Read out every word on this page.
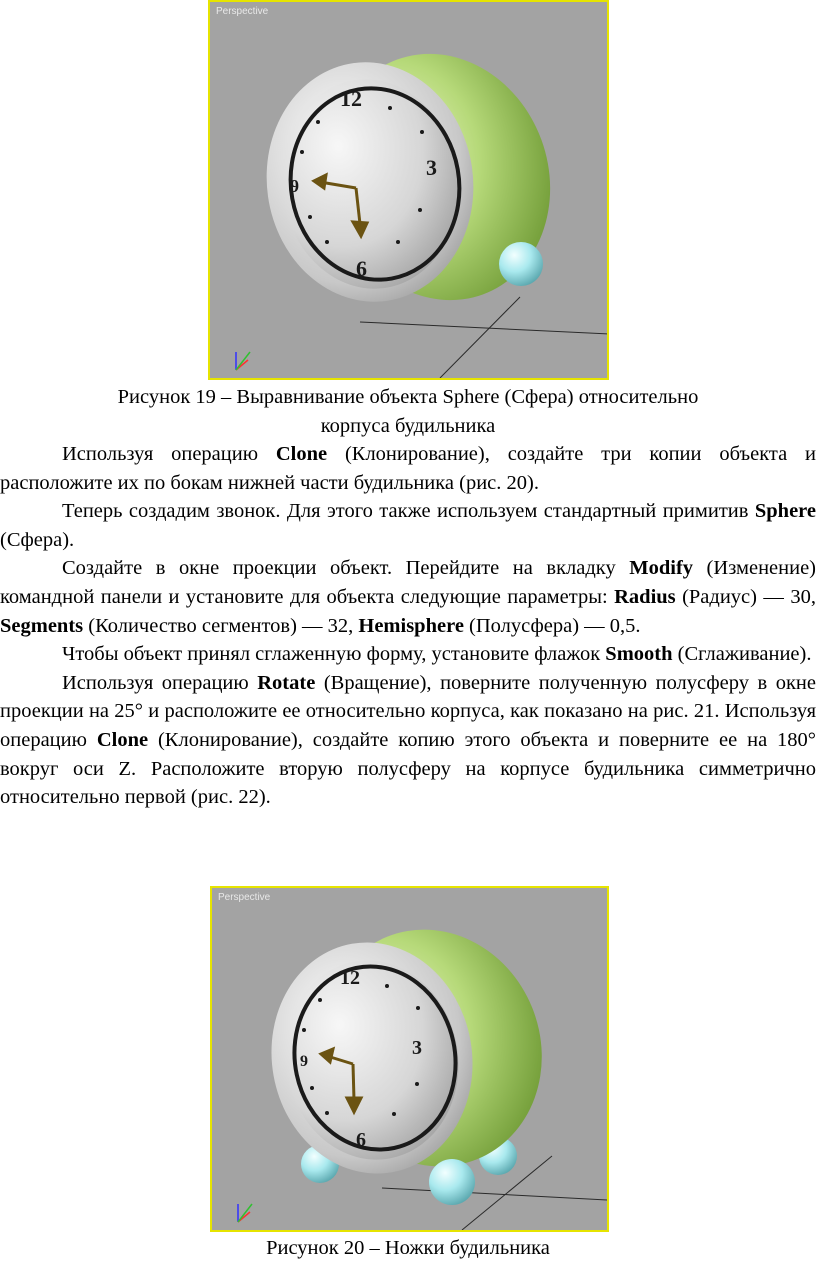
Perspective
12
3
6
9
Рисунок 19 – Выравнивание объекта Sphere (Сфера) относительно корпуса будильника

Используя операцию Clone (Клонирование), создайте три копии объекта и расположите их по бокам нижней части будильника (рис. 20).

Теперь создадим звонок. Для этого также используем стандартный примитив Sphere (Сфера).

Создайте в окне проекции объект. Перейдите на вкладку Modify (Изменение) командной панели и установите для объекта следующие параметры: Radius (Радиус) — 30, Segments (Количество сегментов) — 32, Hemisphere (Полусфера) — 0,5.

Чтобы объект принял сглаженную форму, установите флажок Smooth (Сглаживание).

Используя операцию Rotate (Вращение), поверните полученную полусферу в окне проекции на 25° и расположите ее относительно корпуса, как показано на рис. 21. Используя операцию Clone (Клонирование), создайте копию этого объекта и поверните ее на 180° вокруг оси Z. Расположите вторую полусферу на корпусе будильника симметрично относительно первой (рис. 22).

Perspective
12
3
6
9
Рисунок 20 – Ножки будильника
